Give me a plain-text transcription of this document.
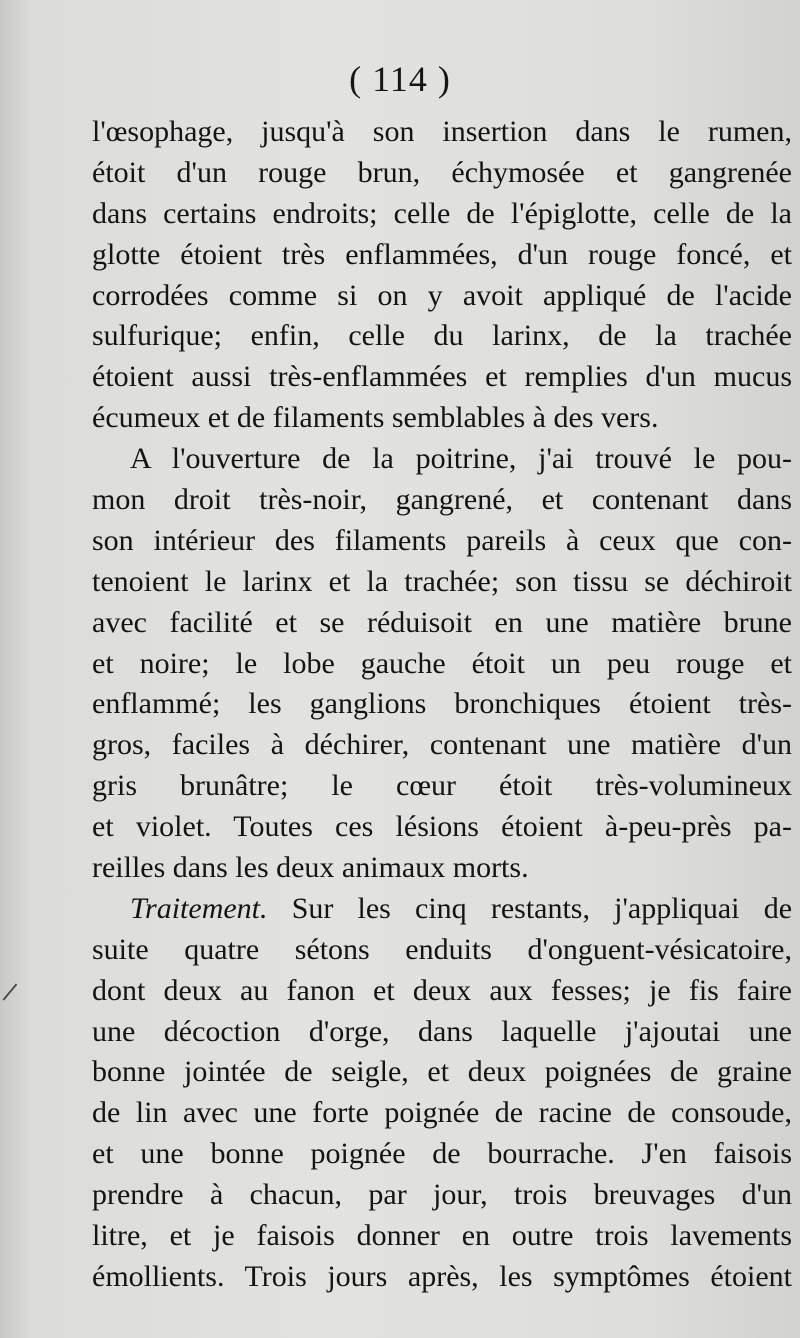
( 114 )
l'œsophage, jusqu'à son insertion dans le rumen,
étoit d'un rouge brun, échymosée et gangrenée
dans certains endroits; celle de l'épiglotte, celle de la
glotte étoient très enflammées, d'un rouge foncé, et
corrodées comme si on y avoit appliqué de l'acide
sulfurique; enfin, celle du larinx, de la trachée
étoient aussi très-enflammées et remplies d'un mucus
écumeux et de filaments semblables à des vers.
A l'ouverture de la poitrine, j'ai trouvé le pou-
mon droit très-noir, gangrené, et contenant dans
son intérieur des filaments pareils à ceux que con-
tenoient le larinx et la trachée; son tissu se déchiroit
avec facilité et se réduisoit en une matière brune
et noire; le lobe gauche étoit un peu rouge et
enflammé; les ganglions bronchiques étoient très-
gros, faciles à déchirer, contenant une matière d'un
gris brunâtre; le cœur étoit très-volumineux
et violet. Toutes ces lésions étoient à-peu-près pa-
reilles dans les deux animaux morts.
Traitement. Sur les cinq restants, j'appliquai de
suite quatre sétons enduits d'onguent-vésicatoire,
dont deux au fanon et deux aux fesses; je fis faire
une décoction d'orge, dans laquelle j'ajoutai une
bonne jointée de seigle, et deux poignées de graine
de lin avec une forte poignée de racine de consoude,
et une bonne poignée de bourrache. J'en faisois
prendre à chacun, par jour, trois breuvages d'un
litre, et je faisois donner en outre trois lavements
émollients. Trois jours après, les symptômes étoient
|
